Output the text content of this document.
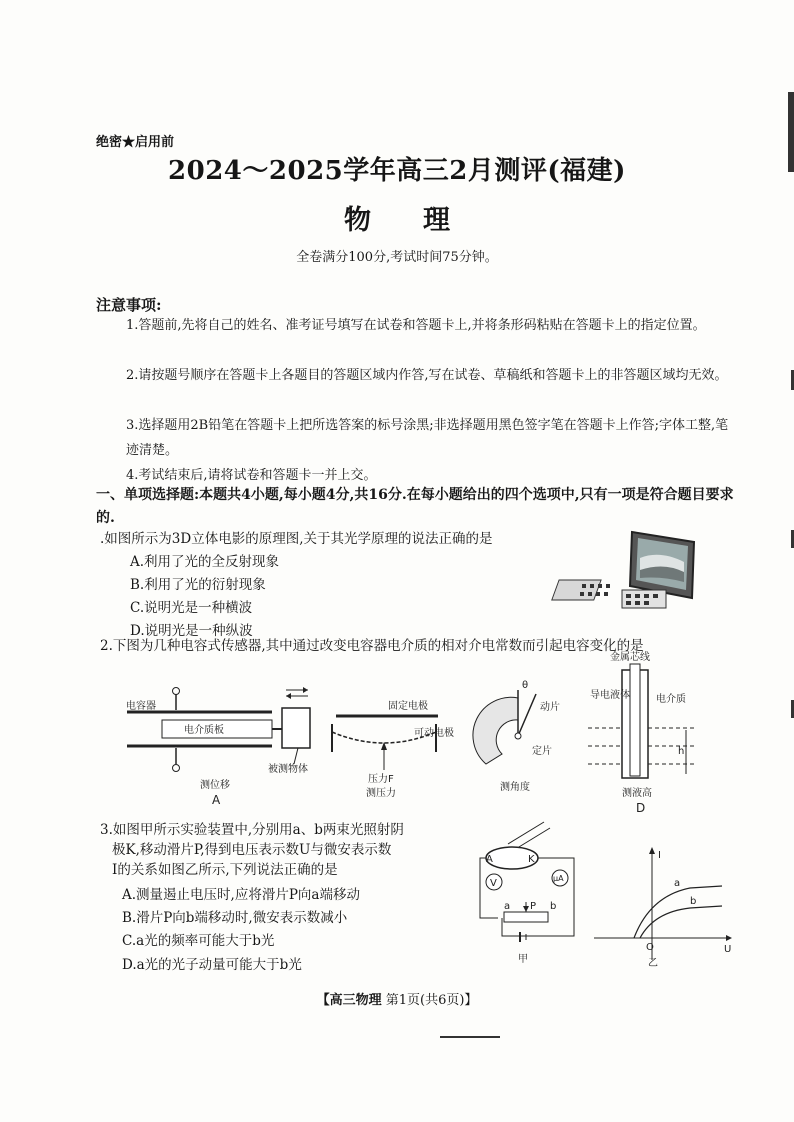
绝密★启用前
2024～2025学年高三2月测评(福建)
物理
全卷满分100分,考试时间75分钟。
注意事项:
1.答题前,先将自己的姓名、准考证号填写在试卷和答题卡上,并将条形码粘贴在答题卡上的指定位置。
2.请按题号顺序在答题卡上各题目的答题区域内作答,写在试卷、草稿纸和答题卡上的非答题区域均无效。
3.选择题用2B铅笔在答题卡上把所选答案的标号涂黑;非选择题用黑色签字笔在答题卡上作答;字体工整,笔迹清楚。
4.考试结束后,请将试卷和答题卡一并上交。
一、单项选择题:本题共4小题,每小题4分,共16分.在每小题给出的四个选项中,只有一项是符合题目要求的.
.如图所示为3D立体电影的原理图,关于其光学原理的说法正确的是
A.利用了光的全反射现象
B.利用了光的衍射现象
C.说明光是一种横波
D.说明光是一种纵波
2.下图为几种电容式传感器,其中通过改变电容器电介质的相对介电常数而引起电容变化的是
电容器
电介质板
被测物体
测位移
A
固定电极
可动电极
压力F
测压力
θ
动片
定片
测角度
金属芯线
导电液体	电介质
h
测液高
D
3.如图甲所示实验装置中,分别用a、b两束光照射阴
极K,移动滑片P,得到电压表示数U与微安表示数
I的关系如图乙所示,下列说法正确的是
A.测量遏止电压时,应将滑片P向a端移动
B.滑片P向b端移动时,微安表示数减小
C.a光的频率可能大于b光
D.a光的光子动量可能大于b光
A	K
μA
V
a P b
甲
I
a
b
O	U
乙
【高三物理 第1页(共6页)】
